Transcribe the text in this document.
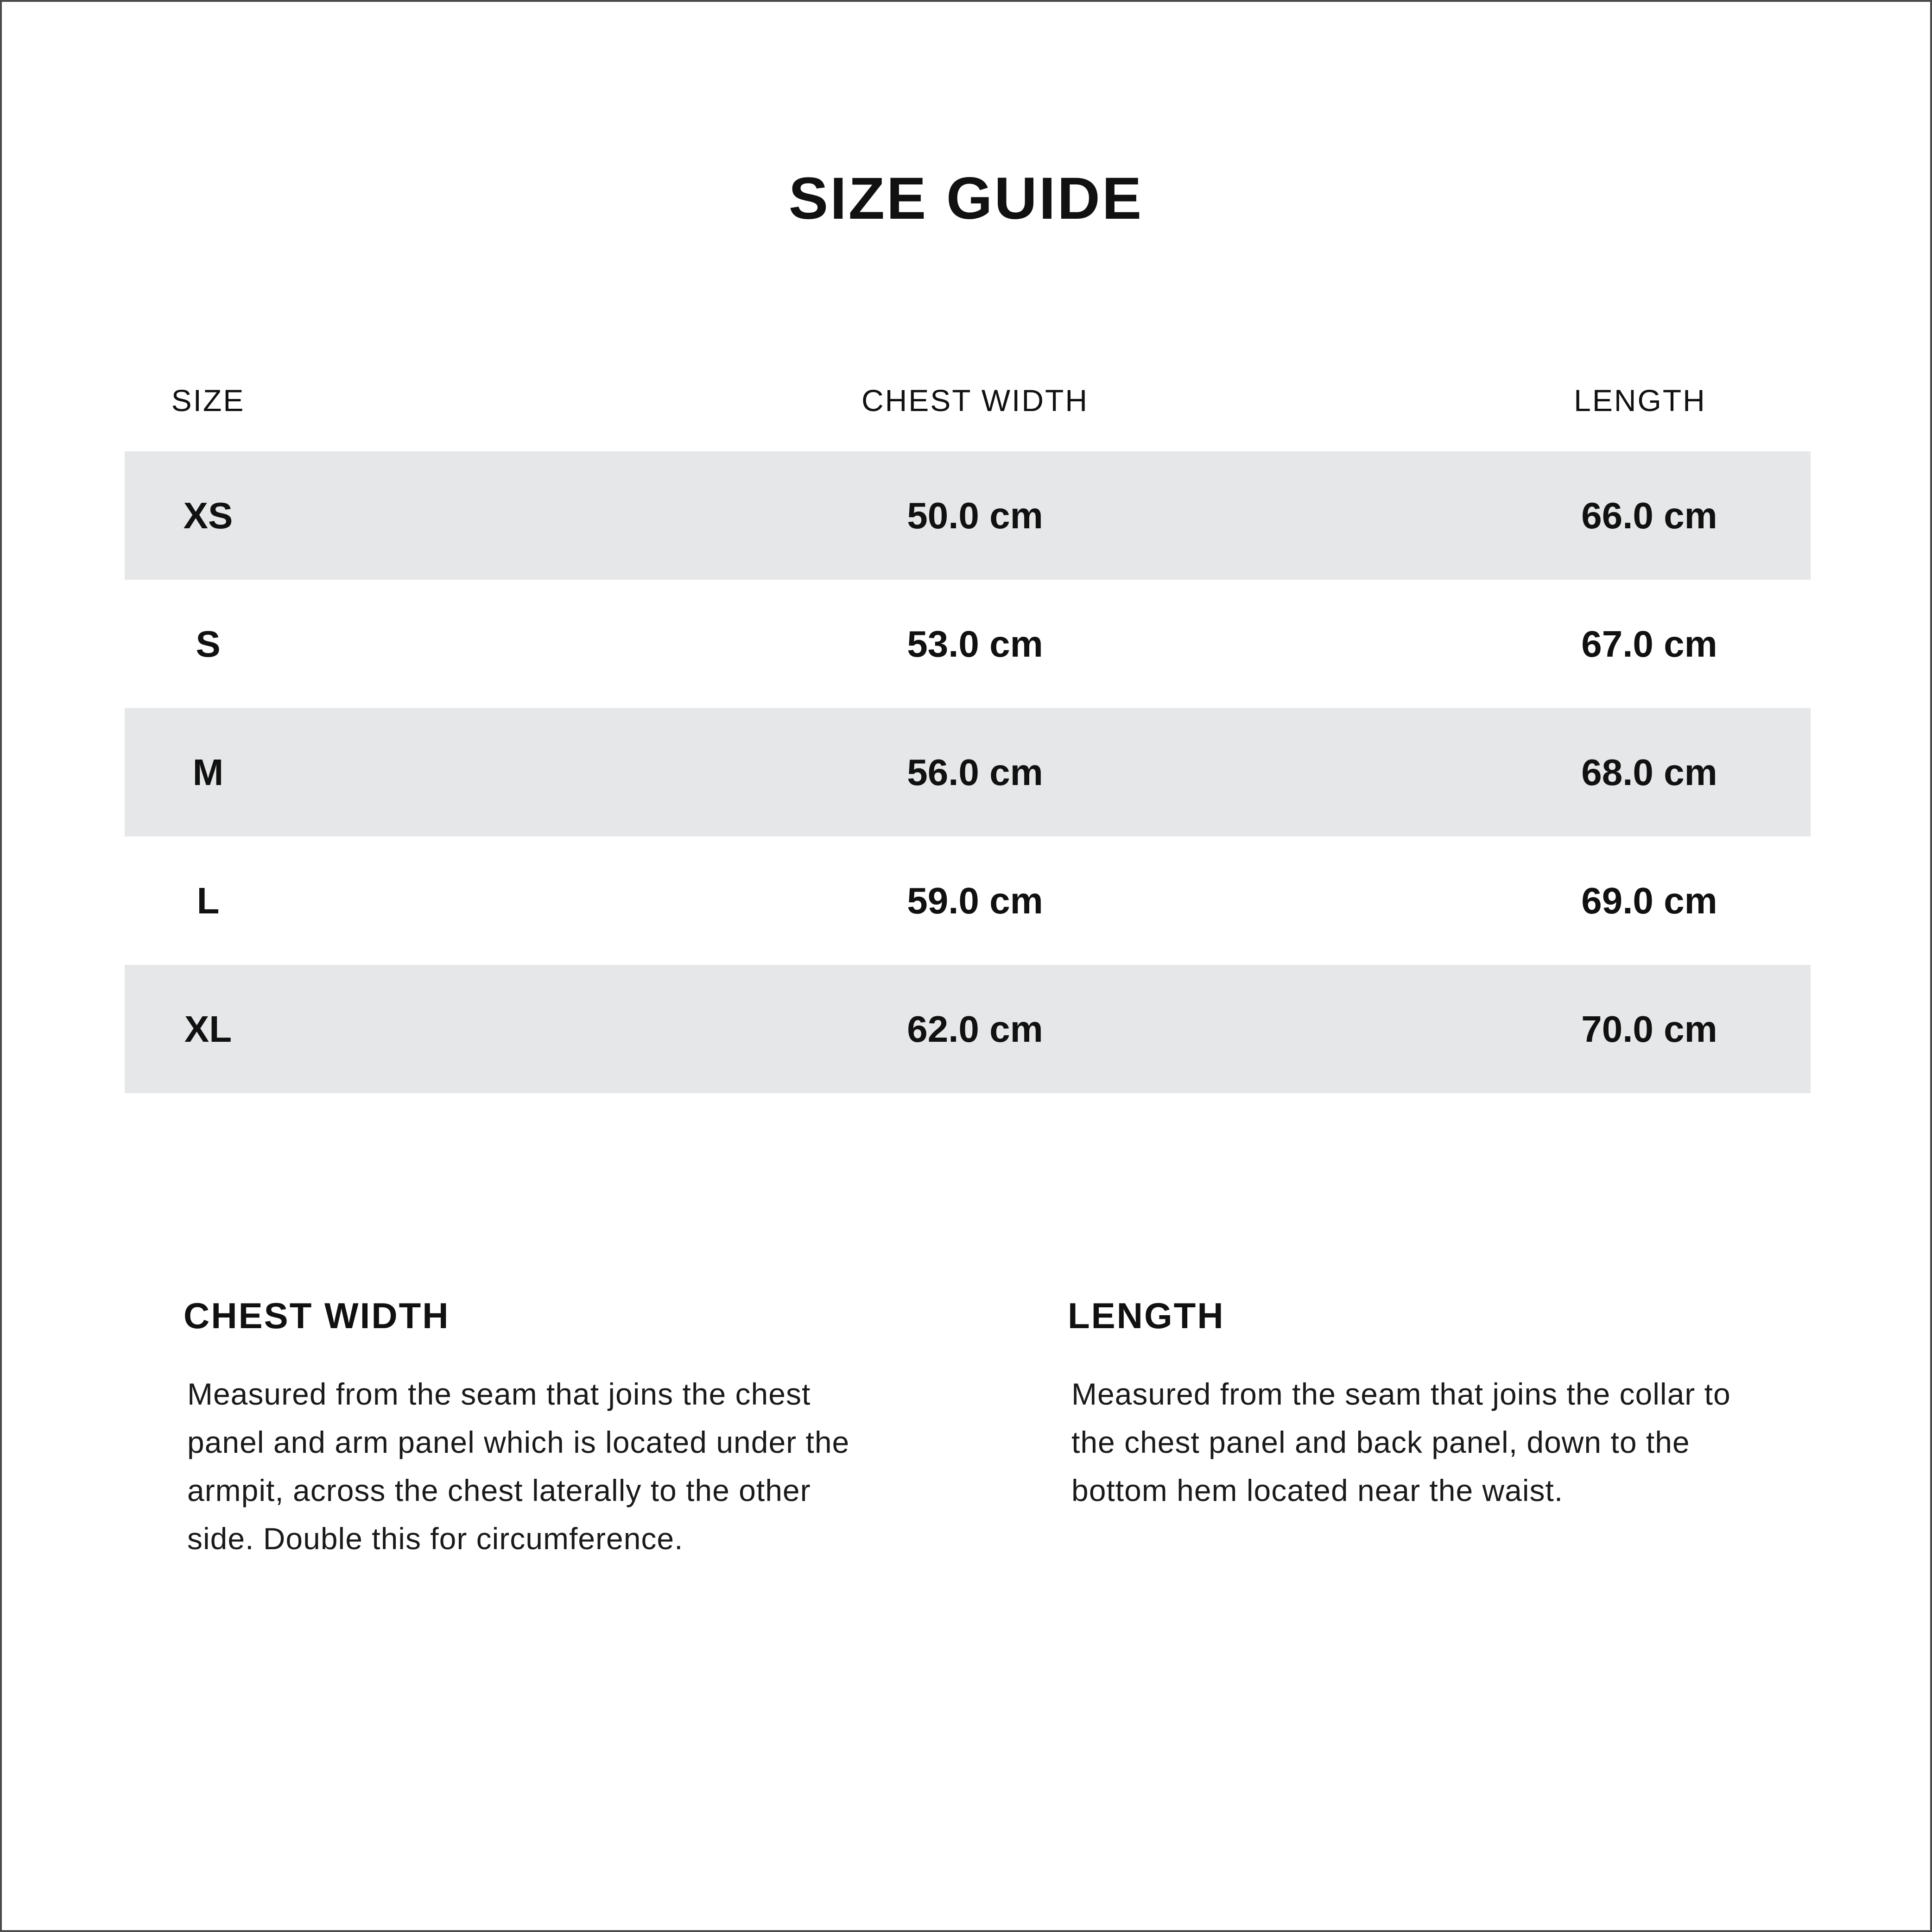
SIZE GUIDE
SIZE	CHEST WIDTH	LENGTH
XS	50.0 cm	66.0 cm
S	53.0 cm	67.0 cm
M	56.0 cm	68.0 cm
L	59.0 cm	69.0 cm
XL	62.0 cm	70.0 cm
CHEST WIDTH

Measured from the seam that joins the chest panel and arm panel which is located under the armpit, across the chest laterally to the other side. Double this for circumference.

LENGTH

Measured from the seam that joins the collar to the chest panel and back panel, down to the bottom hem located near the waist.
